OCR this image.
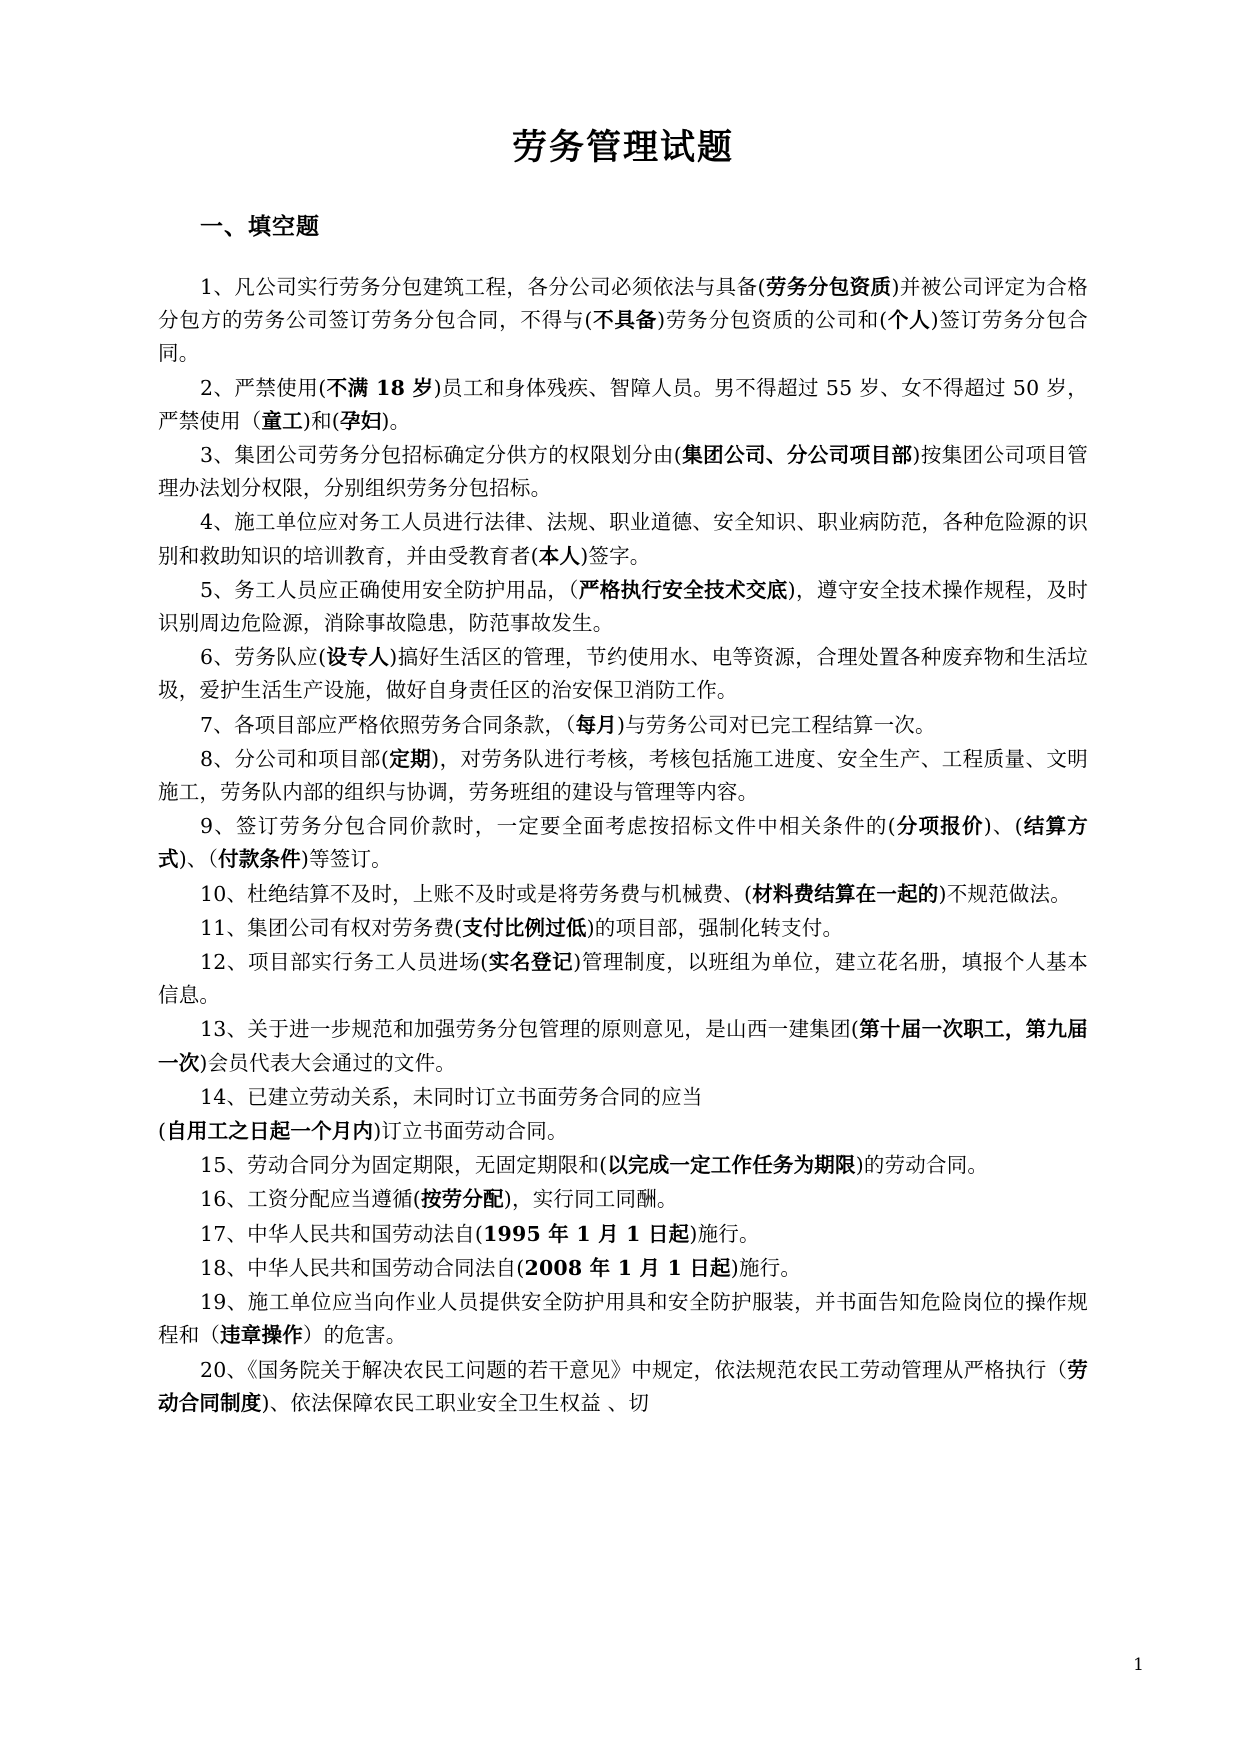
劳务管理试题
一、填空题

1、凡公司实行劳务分包建筑工程，各分公司必须依法与具备(劳务分包资质)并被公司评定为合格分包方的劳务公司签订劳务分包合同，不得与(不具备)劳务分包资质的公司和(个人)签订劳务分包合同。

2、严禁使用(不满 18 岁)员工和身体残疾、智障人员。男不得超过 55 岁、女不得超过 50 岁，严禁使用（童工)和(孕妇)。

3、集团公司劳务分包招标确定分供方的权限划分由(集团公司、分公司项目部)按集团公司项目管理办法划分权限，分别组织劳务分包招标。

4、施工单位应对务工人员进行法律、法规、职业道德、安全知识、职业病防范，各种危险源的识别和救助知识的培训教育，并由受教育者(本人)签字。

5、务工人员应正确使用安全防护用品，（严格执行安全技术交底)，遵守安全技术操作规程，及时识别周边危险源，消除事故隐患，防范事故发生。

6、劳务队应(设专人)搞好生活区的管理，节约使用水、电等资源，合理处置各种废弃物和生活垃圾，爱护生活生产设施，做好自身责任区的治安保卫消防工作。

7、各项目部应严格依照劳务合同条款，（每月)与劳务公司对已完工程结算一次。

8、分公司和项目部(定期)，对劳务队进行考核，考核包括施工进度、安全生产、工程质量、文明施工，劳务队内部的组织与协调，劳务班组的建设与管理等内容。

9、签订劳务分包合同价款时，一定要全面考虑按招标文件中相关条件的(分项报价)、(结算方式)、（付款条件)等签订。

10、杜绝结算不及时，上账不及时或是将劳务费与机械费、(材料费结算在一起的)不规范做法。

11、集团公司有权对劳务费(支付比例过低)的项目部，强制化转支付。

12、项目部实行务工人员进场(实名登记)管理制度，以班组为单位，建立花名册，填报个人基本信息。

13、关于进一步规范和加强劳务分包管理的原则意见，是山西一建集团(第十届一次职工，第九届一次)会员代表大会通过的文件。

14、已建立劳动关系，未同时订立书面劳务合同的应当

(自用工之日起一个月内)订立书面劳动合同。

15、劳动合同分为固定期限，无固定期限和(以完成一定工作任务为期限)的劳动合同。

16、工资分配应当遵循(按劳分配)，实行同工同酬。

17、中华人民共和国劳动法自(1995 年 1 月 1 日起)施行。

18、中华人民共和国劳动合同法自(2008 年 1 月 1 日起)施行。

19、施工单位应当向作业人员提供安全防护用具和安全防护服装，并书面告知危险岗位的操作规程和（违章操作）的危害。

20、《国务院关于解决农民工问题的若干意见》中规定，依法规范农民工劳动管理从严格执行（劳动合同制度)、依法保障农民工职业安全卫生权益 、切

1
